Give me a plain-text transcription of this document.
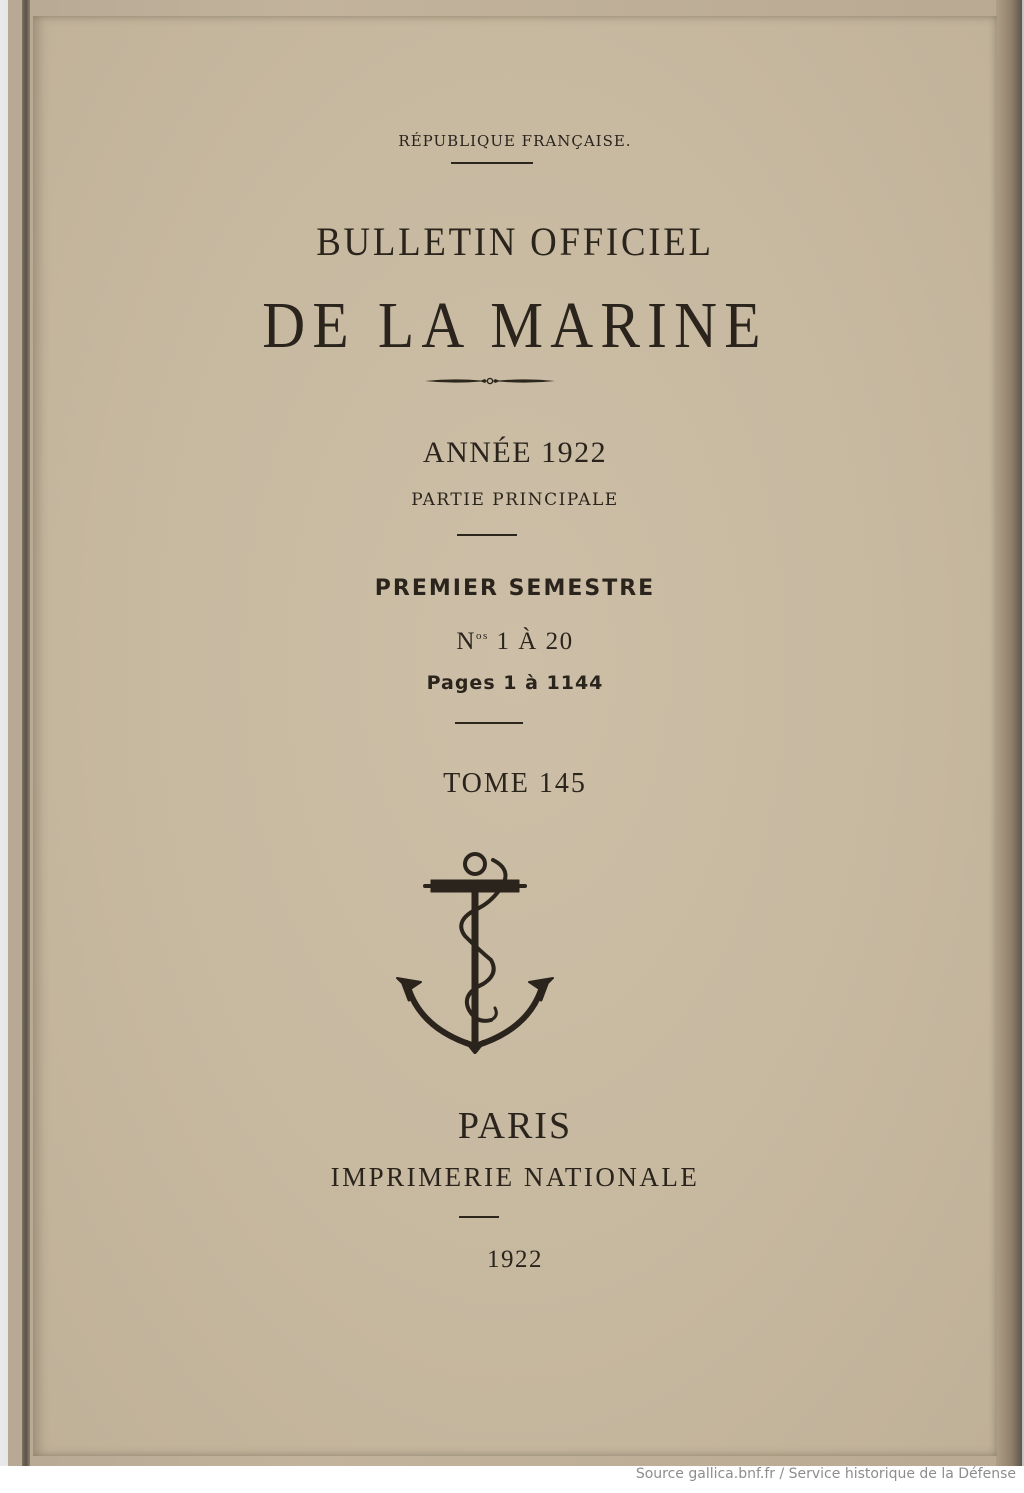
RÉPUBLIQUE FRANÇAISE.
BULLETIN OFFICIEL
DE LA MARINE
ANNÉE 1922
PARTIE PRINCIPALE
PREMIER SEMESTRE
$N^{os}$ 1 À 20
Pages 1 à 1144
TOME 145
PARIS
IMPRIMERIE NATIONALE
1922
Source gallica.bnf.fr / Service historique de la Défense
